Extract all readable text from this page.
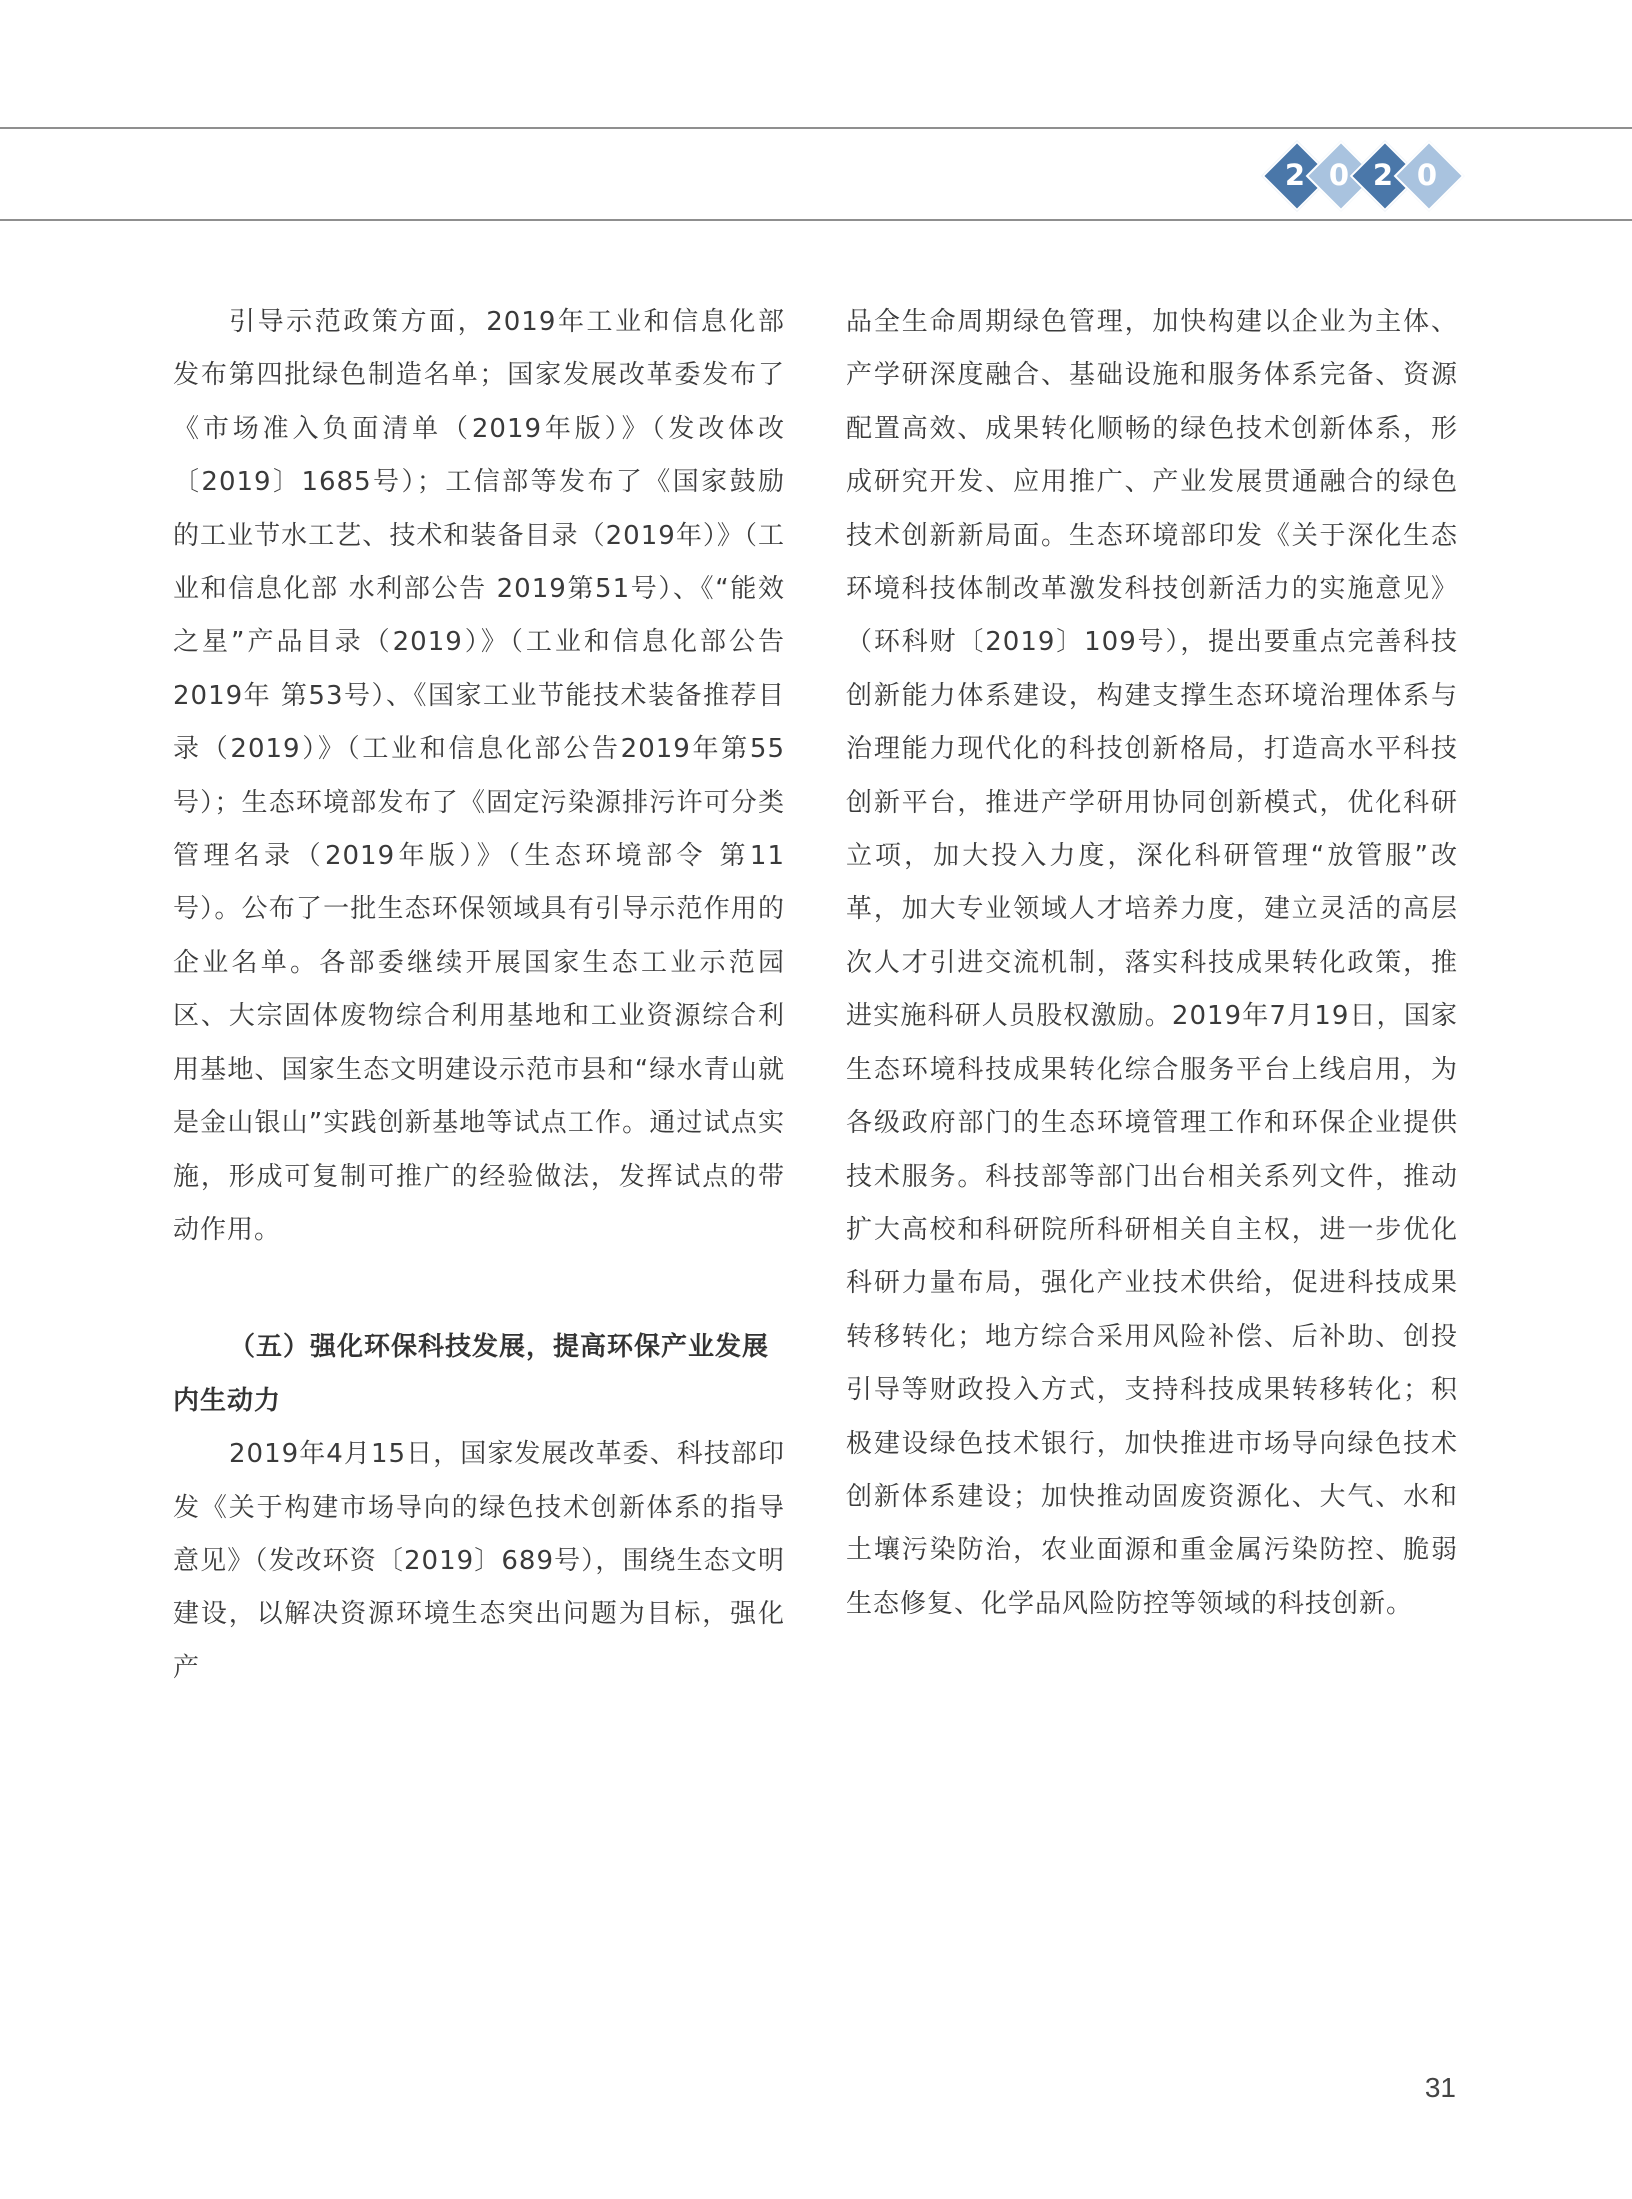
2 0 2 0

引导示范政策方面，2019年工业和信息化部发布第四批绿色制造名单；国家发展改革委发布了《市场准入负面清单（2019年版）》（发改体改〔2019〕1685号）；工信部等发布了《国家鼓励的工业节水工艺、技术和装备目录（2019年）》（工业和信息化部 水利部公告 2019第51号）、《“能效之星”产品目录（2019）》（工业和信息化部公告 2019年 第53号）、《国家工业节能技术装备推荐目录（2019）》（工业和信息化部公告2019年第55号）；生态环境部发布了《固定污染源排污许可分类管理名录（2019年版）》（生态环境部令 第11号）。公布了一批生态环保领域具有引导示范作用的企业名单。各部委继续开展国家生态工业示范园区、大宗固体废物综合利用基地和工业资源综合利用基地、国家生态文明建设示范市县和“绿水青山就是金山银山”实践创新基地等试点工作。通过试点实施，形成可复制可推广的经验做法，发挥试点的带动作用。

（五）强化环保科技发展，提高环保产业发展内生动力

2019年4月15日，国家发展改革委、科技部印发《关于构建市场导向的绿色技术创新体系的指导意见》（发改环资〔2019〕689号），围绕生态文明建设，以解决资源环境生态突出问题为目标，强化产

品全生命周期绿色管理，加快构建以企业为主体、产学研深度融合、基础设施和服务体系完备、资源配置高效、成果转化顺畅的绿色技术创新体系，形成研究开发、应用推广、产业发展贯通融合的绿色技术创新新局面。生态环境部印发《关于深化生态环境科技体制改革激发科技创新活力的实施意见》（环科财〔2019〕109号），提出要重点完善科技创新能力体系建设，构建支撑生态环境治理体系与治理能力现代化的科技创新格局，打造高水平科技创新平台，推进产学研用协同创新模式，优化科研立项，加大投入力度，深化科研管理“放管服”改革，加大专业领域人才培养力度，建立灵活的高层次人才引进交流机制，落实科技成果转化政策，推进实施科研人员股权激励。2019年7月19日，国家生态环境科技成果转化综合服务平台上线启用，为各级政府部门的生态环境管理工作和环保企业提供技术服务。科技部等部门出台相关系列文件，推动扩大高校和科研院所科研相关自主权，进一步优化科研力量布局，强化产业技术供给，促进科技成果转移转化；地方综合采用风险补偿、后补助、创投引导等财政投入方式，支持科技成果转移转化；积极建设绿色技术银行，加快推进市场导向绿色技术创新体系建设；加快推动固废资源化、大气、水和土壤污染防治，农业面源和重金属污染防控、脆弱生态修复、化学品风险防控等领域的科技创新。

31
